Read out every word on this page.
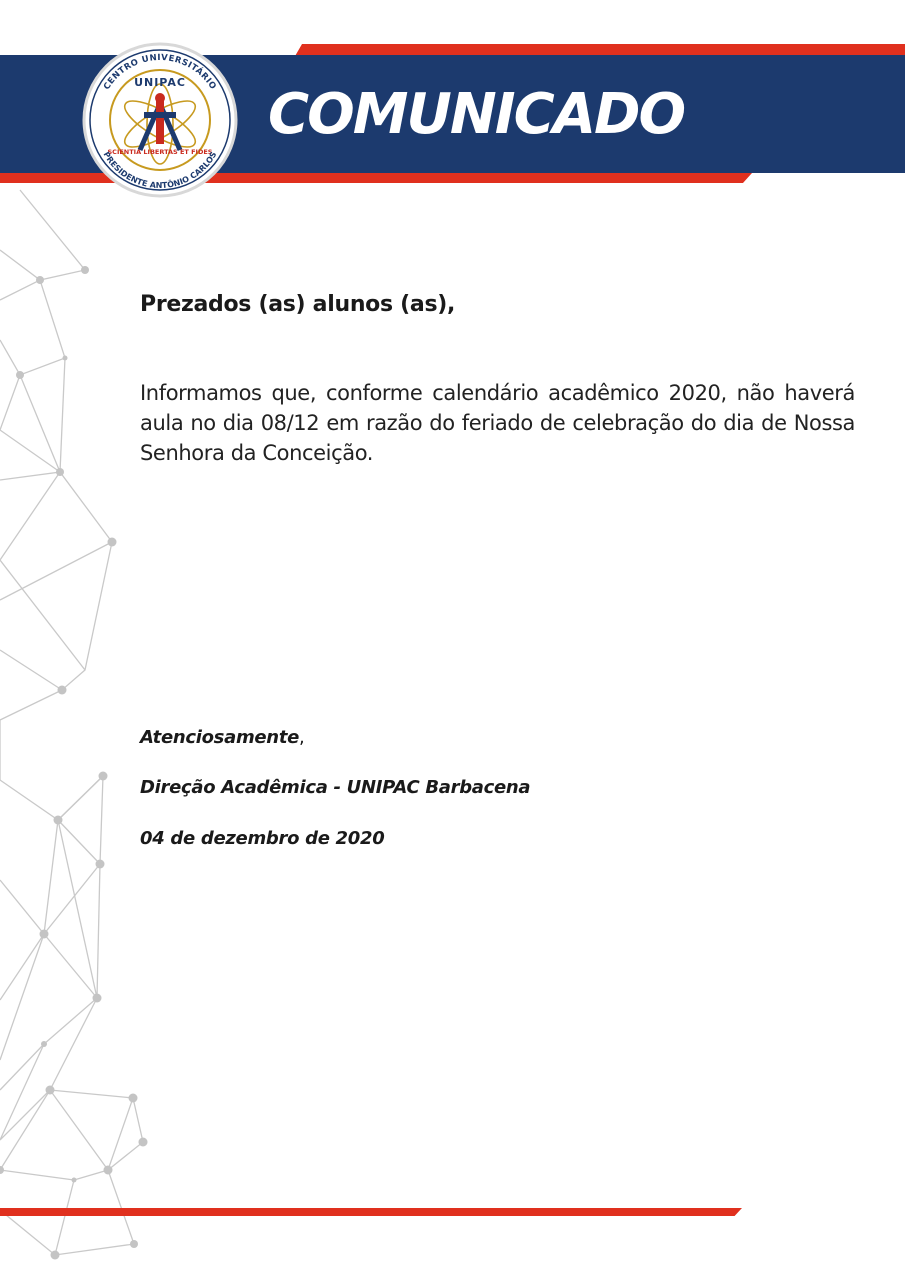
COMUNICADO
CENTRO UNIVERSITÁRIO
UNIPAC
SCIENTIA LIBERTAS ET FIDES
PRESIDENTE ANTÔNIO CARLOS

Prezados (as) alunos (as),

Informamos que, conforme calendário acadêmico 2020, não haverá aula no dia 08/12 em razão do feriado de celebração do dia de Nossa Senhora da Conceição.

Atenciosamente,

Direção Acadêmica - UNIPAC Barbacena

04 de dezembro de 2020
